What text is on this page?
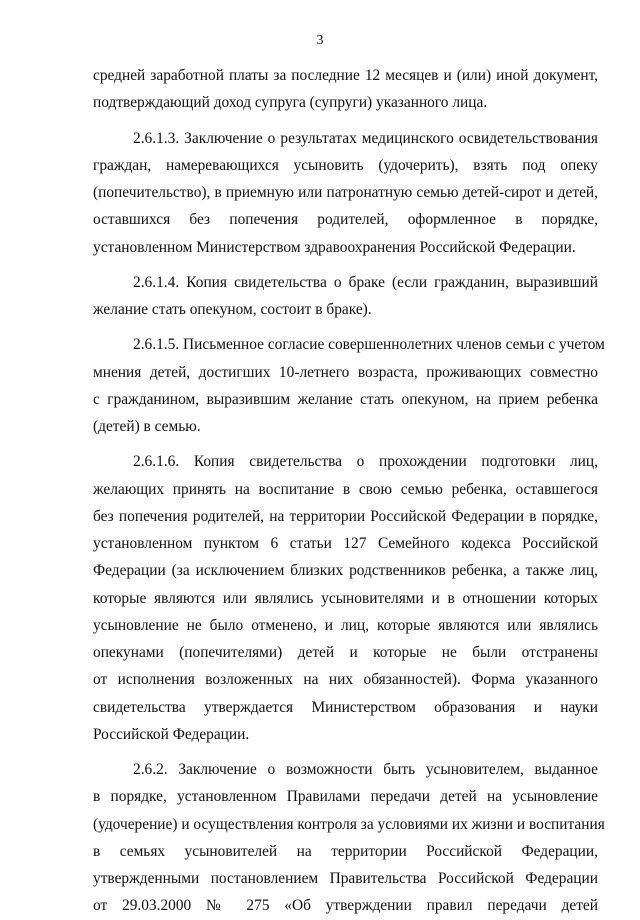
3
средней заработной платы за последние 12 месяцев и (или) иной документ,
подтверждающий доход супруга (супруги) указанного лица.
2.6.1.3. Заключение о результатах медицинского освидетельствования
граждан, намеревающихся усыновить (удочерить), взять под опеку
(попечительство), в приемную или патронатную семью детей-сирот и детей,
оставшихся без попечения родителей, оформленное в порядке,
установленном Министерством здравоохранения Российской Федерации.
2.6.1.4. Копия свидетельства о браке (если гражданин, выразивший
желание стать опекуном, состоит в браке).
2.6.1.5. Письменное согласие совершеннолетних членов семьи с учетом
мнения детей, достигших 10-летнего возраста, проживающих совместно
с гражданином, выразившим желание стать опекуном, на прием ребенка
(детей) в семью.
2.6.1.6. Копия свидетельства о прохождении подготовки лиц,
желающих принять на воспитание в свою семью ребенка, оставшегося
без попечения родителей, на территории Российской Федерации в порядке,
установленном пунктом 6 статьи 127 Семейного кодекса Российской
Федерации (за исключением близких родственников ребенка, а также лиц,
которые являются или являлись усыновителями и в отношении которых
усыновление не было отменено, и лиц, которые являются или являлись
опекунами (попечителями) детей и которые не были отстранены
от исполнения возложенных на них обязанностей). Форма указанного
свидетельства утверждается Министерством образования и науки
Российской Федерации.
2.6.2. Заключение о возможности быть усыновителем, выданное
в порядке, установленном Правилами передачи детей на усыновление
(удочерение) и осуществления контроля за условиями их жизни и воспитания
в семьях усыновителей на территории Российской Федерации,
утвержденными постановлением Правительства Российской Федерации
от 29.03.2000 № 275 «Об утверждении правил передачи детей
